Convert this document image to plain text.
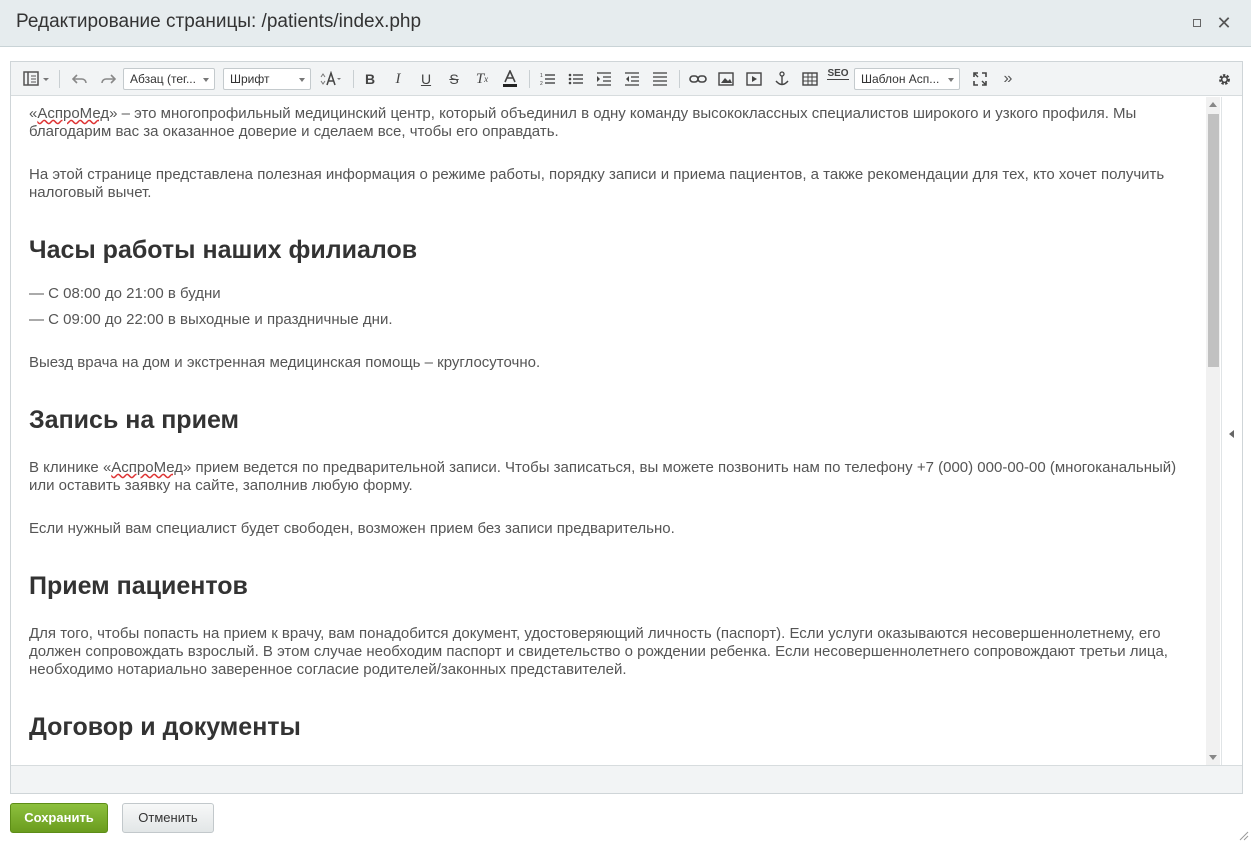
Редактирование страницы: /patients/index.php	✕
Абзац (тег...	Шрифт	B	I	U	S	T x	1
2
SEO	Шаблон Асп...	»

«АспроМед» – это многопрофильный медицинский центр, который объединил в одну команду высококлассных специалистов широкого и узкого профиля. Мы благодарим вас за оказанное доверие и сделаем все, чтобы его оправдать.

На этой странице представлена полезная информация о режиме работы, порядку записи и приема пациентов, а также рекомендации для тех, кто хочет получить налоговый вычет.

Часы работы наших филиалов

— С 08:00 до 21:00 в будни

— С 09:00 до 22:00 в выходные и праздничные дни.

Выезд врача на дом и экстренная медицинская помощь – круглосуточно.

Запись на прием

В клинике «АспроМед» прием ведется по предварительной записи. Чтобы записаться, вы можете позвонить нам по телефону +7 (000) 000-00-00 (многоканальный) или оставить заявку на сайте, заполнив любую форму.

Если нужный вам специалист будет свободен, возможен прием без записи предварительно.

Прием пациентов

Для того, чтобы попасть на прием к врачу, вам понадобится документ, удостоверяющий личность (паспорт). Если услуги оказываются несовершеннолетнему, его должен сопровождать взрослый. В этом случае необходим паспорт и свидетельство о рождении ребенка. Если несовершеннолетнего сопровождают третьи лица, необходимо нотариально заверенное согласие родителей/законных представителей.

Договор и документы
Сохранить	Отменить
